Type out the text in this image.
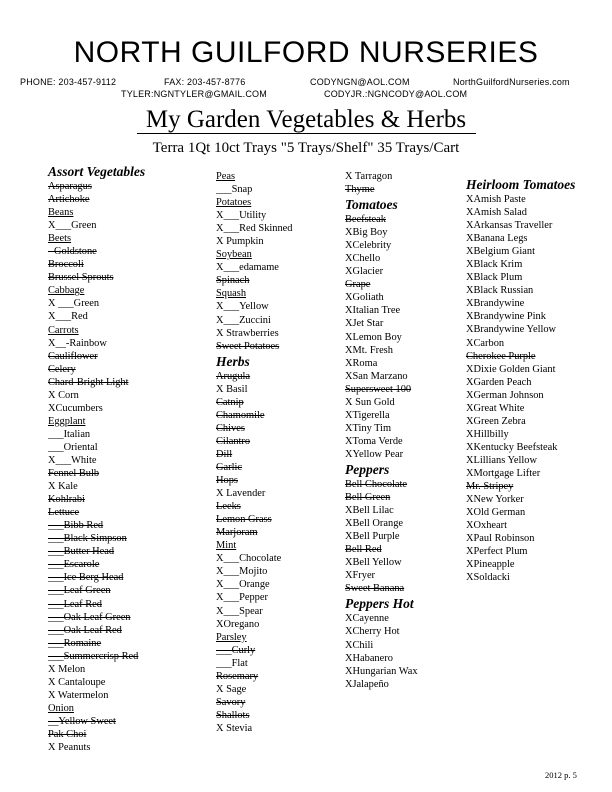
NORTH GUILFORD NURSERIES
PHONE: 203-457-9112	FAX: 203-457-8776	CODYNGN@AOL.COM	NorthGuilfordNurseries.com
TYLER:NGNTYLER@GMAIL.COM	CODYJR.:NGNCODY@AOL.COM
My Garden Vegetables & Herbs
Terra 1Qt 10ct Trays "5 Trays/Shelf" 35 Trays/Cart
Assort Vegetables
Asparagus
Artichoke
Beans
X___Green
Beets
- Goldstone
Broccoli
Brussel Sprouts
Cabbage
X ___Green
X___Red
Carrots
X__-Rainbow
Cauliflower
Celery
Chard-Bright Light
X Corn
XCucumbers
Eggplant
___Italian
___Oriental
X___White
Fennel Bulb
X Kale
Kohlrabi
Lettuce
___Bibb Red
___Black Simpson
___Butter Head
___Escarole
___Ice Berg Head
___Leaf Green
___Leaf Red
___Oak Leaf Green
___Oak Leaf Red
___Romaine
___Summercrisp Red
X Melon
X Cantaloupe
X Watermelon
Onion
__Yellow Sweet
Pak Choi
X Peanuts
Peas
___Snap
Potatoes
X___Utility
X___Red Skinned
X Pumpkin
Soybean
X___edamame
Spinach
Squash
X___Yellow
X___Zuccini
X Strawberries
Sweet Potatoes
Herbs
Arugula
X Basil
Catnip
Chamomile
Chives
Cilantro
Dill
Garlic
Hops
X Lavender
Leeks
Lemon Grass
Marjoram
Mint
X___Chocolate
X___Mojito
X___Orange
X___Pepper
X___Spear
XOregano
Parsley
___Curly
___Flat
Rosemary
X Sage
Savory
Shallots
X Stevia
X Tarragon
Thyme
Tomatoes
Beefsteak
XBig Boy
XCelebrity
XChello
XGlacier
Grape
XGoliath
XItalian Tree
XJet Star
XLemon Boy
XMt. Fresh
XRoma
XSan Marzano
Supersweet 100
X Sun Gold
XTigerella
XTiny Tim
XToma Verde
XYellow Pear
Peppers
Bell Chocolate
Bell Green
XBell Lilac
XBell Orange
XBell Purple
Bell Red
XBell Yellow
XFryer
Sweet Banana
Peppers Hot
XCayenne
XCherry Hot
XChili
XHabanero
XHungarian Wax
XJalapeño
Heirloom Tomatoes
XAmish Paste
XAmish Salad
XArkansas Traveller
XBanana Legs
XBelgium Giant
XBlack Krim
XBlack Plum
XBlack Russian
XBrandywine
XBrandywine Pink
XBrandywine Yellow
XCarbon
Cherokee Purple
XDixie Golden Giant
XGarden Peach
XGerman Johnson
XGreat White
XGreen Zebra
XHillbilly
XKentucky Beefsteak
XLillians Yellow
XMortgage Lifter
Mr. Stripey
XNew Yorker
XOld German
XOxheart
XPaul Robinson
XPerfect Plum
XPineapple
XSoldacki
2012 p. 5
